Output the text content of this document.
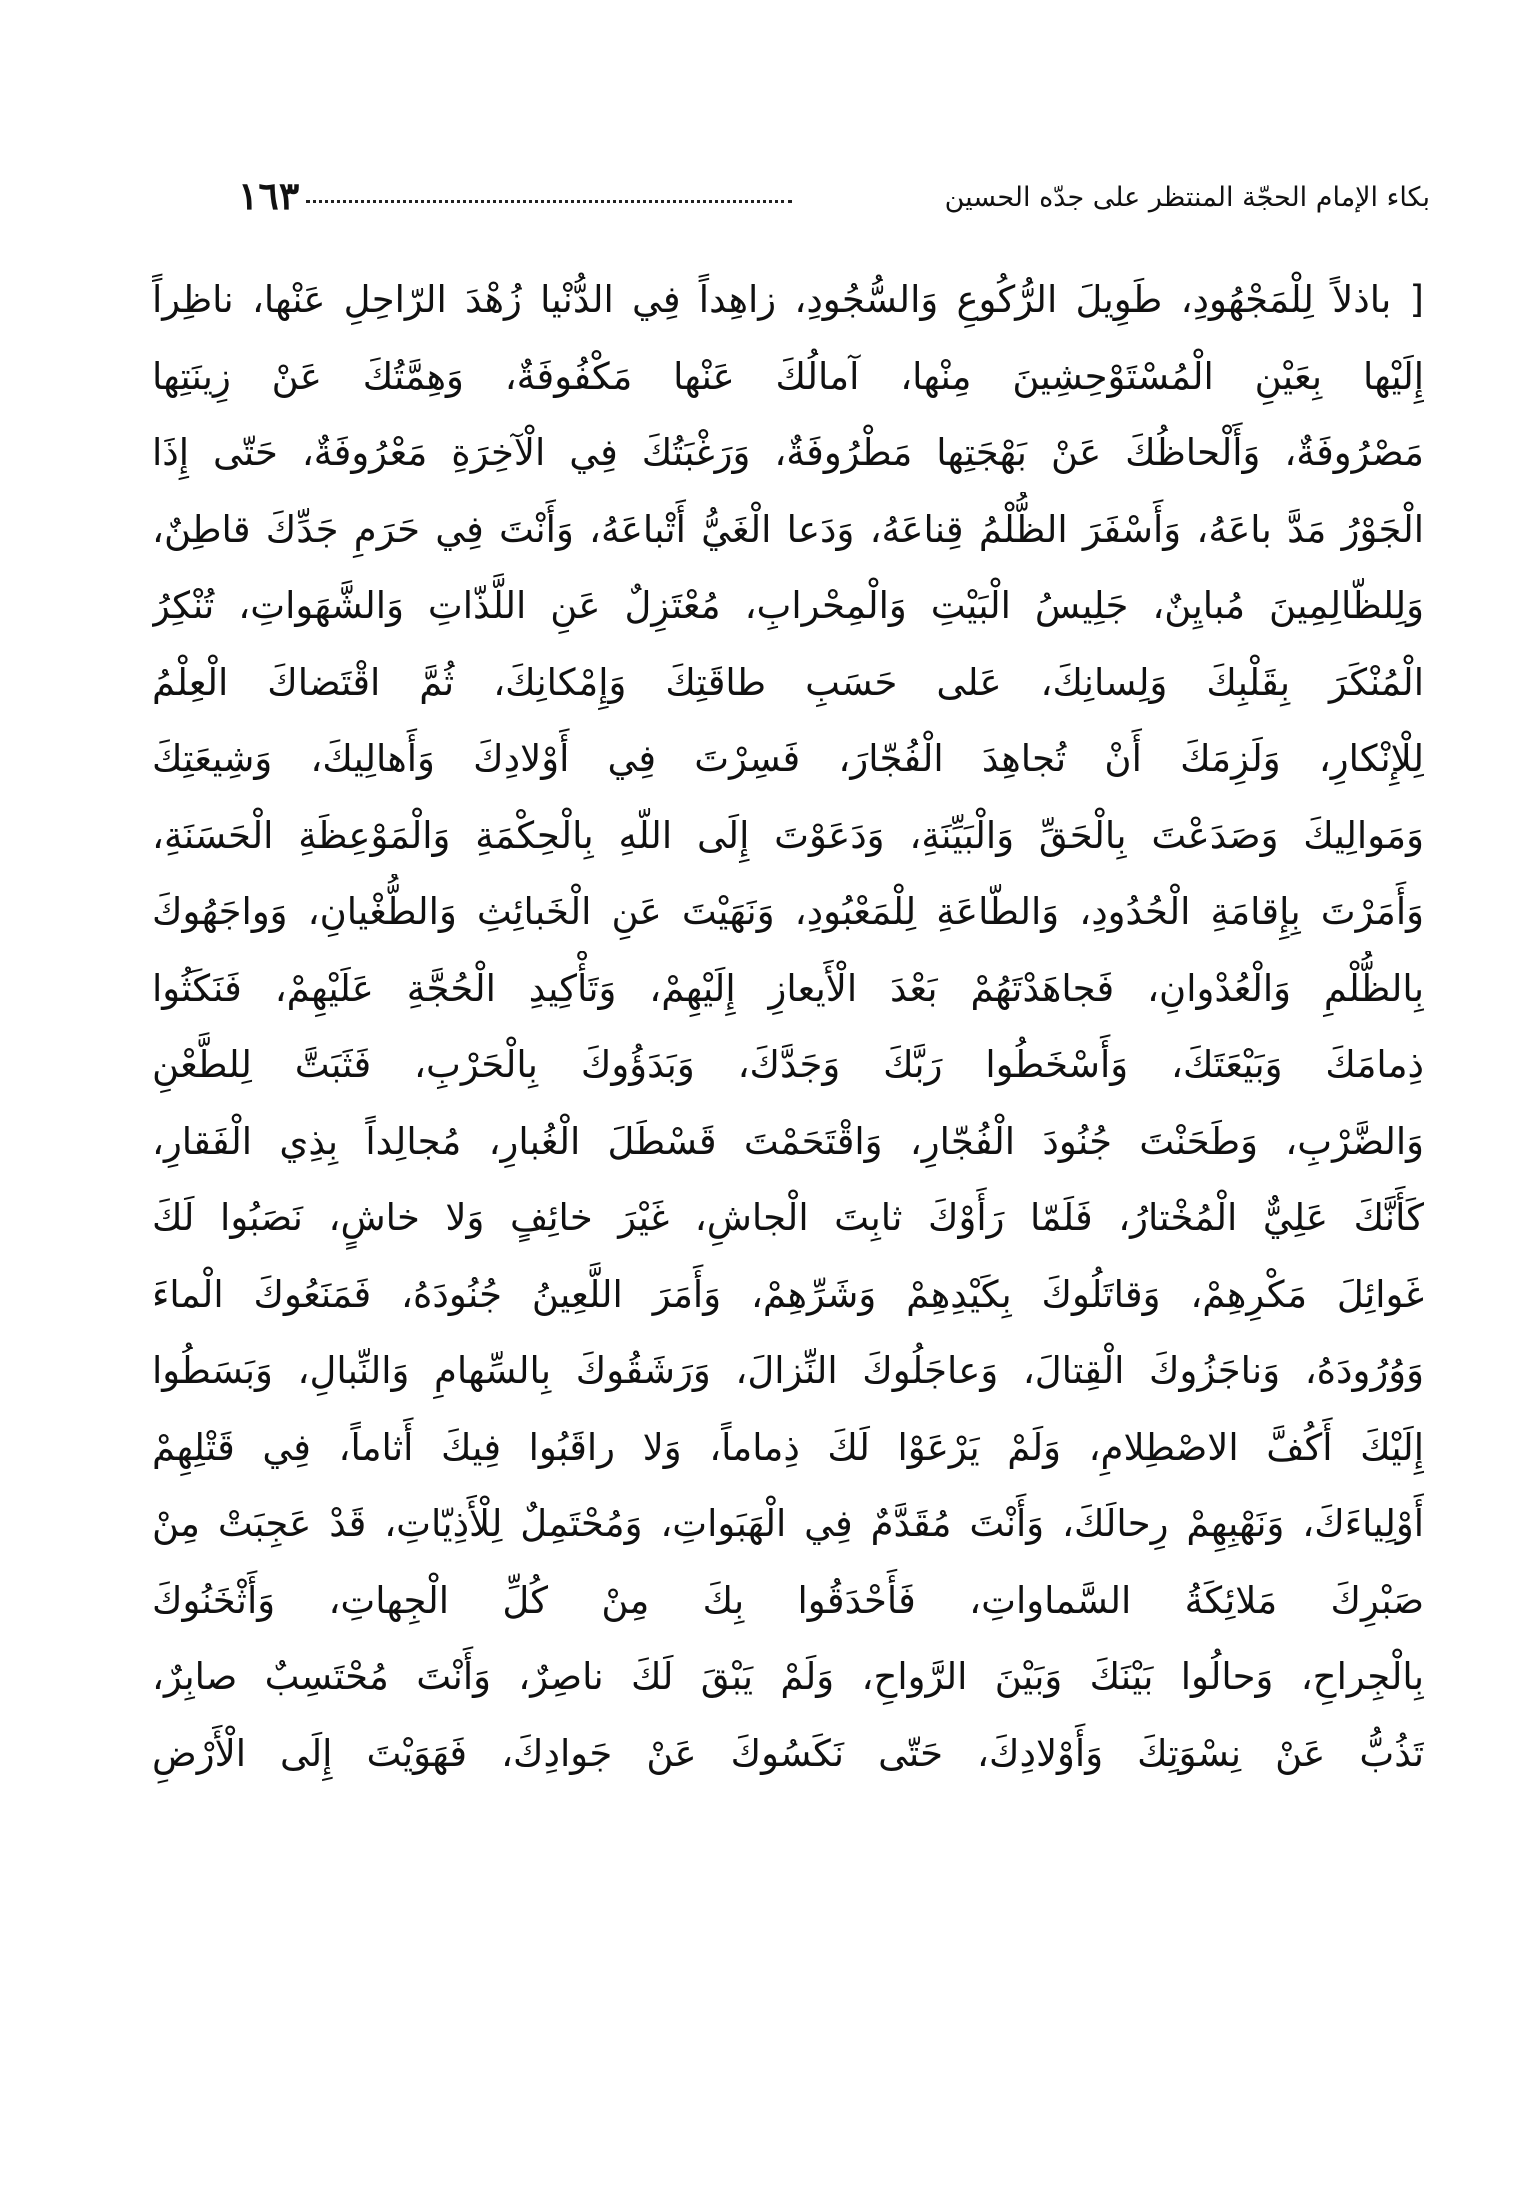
١٦٣	بكاء الإمام الحجّة المنتظر على جدّه الحسين
[ باذلاً لِلْمَجْهُودِ، طَوِيلَ الرُّكُوعِ وَالسُّجُودِ، زاهِداً فِي الدُّنْيا زُهْدَ الرّاحِلِ عَنْها، ناظِراً
إِلَيْها بِعَيْنِ الْمُسْتَوْحِشِينَ مِنْها، آمالُكَ عَنْها مَكْفُوفَةٌ، وَهِمَّتُكَ عَنْ زِينَتِها
مَصْرُوفَةٌ، وَأَلْحاظُكَ عَنْ بَهْجَتِها مَطْرُوفَةٌ، وَرَغْبَتُكَ فِي الْآخِرَةِ مَعْرُوفَةٌ، حَتّى إِذَا
الْجَوْرُ مَدَّ باعَهُ، وَأَسْفَرَ الظُّلْمُ قِناعَهُ، وَدَعا الْغَيُّ أَتْباعَهُ، وَأَنْتَ فِي حَرَمِ جَدِّكَ قاطِنٌ،
وَلِلظّالِمِينَ مُبايِنٌ، جَلِيسُ الْبَيْتِ وَالْمِحْرابِ، مُعْتَزِلٌ عَنِ اللَّذّاتِ وَالشَّهَواتِ، تُنْكِرُ
الْمُنْكَرَ بِقَلْبِكَ وَلِسانِكَ، عَلى حَسَبِ طاقَتِكَ وَإِمْكانِكَ، ثُمَّ اقْتَضاكَ الْعِلْمُ
لِلْإِنْكارِ، وَلَزِمَكَ أَنْ تُجاهِدَ الْفُجّارَ، فَسِرْتَ فِي أَوْلادِكَ وَأَهالِيكَ، وَشِيعَتِكَ
وَمَوالِيكَ وَصَدَعْتَ بِالْحَقِّ وَالْبَيِّنَةِ، وَدَعَوْتَ إِلَى اللّهِ بِالْحِكْمَةِ وَالْمَوْعِظَةِ الْحَسَنَةِ،
وَأَمَرْتَ بِإِقامَةِ الْحُدُودِ، وَالطّاعَةِ لِلْمَعْبُودِ، وَنَهَيْتَ عَنِ الْخَبائِثِ وَالطُّغْيانِ، وَواجَهُوكَ
بِالظُّلْمِ وَالْعُدْوانِ، فَجاهَدْتَهُمْ بَعْدَ الْأَيعازِ إِلَيْهِمْ، وَتَأْكِيدِ الْحُجَّةِ عَلَيْهِمْ، فَنَكَثُوا
ذِمامَكَ وَبَيْعَتَكَ، وَأَسْخَطُوا رَبَّكَ وَجَدَّكَ، وَبَدَؤُوكَ بِالْحَرْبِ، فَثَبَتَّ لِلطَّعْنِ
وَالضَّرْبِ، وَطَحَنْتَ جُنُودَ الْفُجّارِ، وَاقْتَحَمْتَ قَسْطَلَ الْغُبارِ، مُجالِداً بِذِي الْفَقارِ،
كَأَنَّكَ عَلِيٌّ الْمُخْتارُ، فَلَمّا رَأَوْكَ ثابِتَ الْجاشِ، غَيْرَ خائِفٍ وَلا خاشٍ، نَصَبُوا لَكَ
غَوائِلَ مَكْرِهِمْ، وَقاتَلُوكَ بِكَيْدِهِمْ وَشَرِّهِمْ، وَأَمَرَ اللَّعِينُ جُنُودَهُ، فَمَنَعُوكَ الْماءَ
وَوُرُودَهُ، وَناجَزُوكَ الْقِتالَ، وَعاجَلُوكَ النِّزالَ، وَرَشَقُوكَ بِالسِّهامِ وَالنِّبالِ، وَبَسَطُوا
إِلَيْكَ أَكُفَّ الاصْطِلامِ، وَلَمْ يَرْعَوْا لَكَ ذِماماً، وَلا راقَبُوا فِيكَ أَثاماً، فِي قَتْلِهِمْ
أَوْلِياءَكَ، وَنَهْبِهِمْ رِحالَكَ، وَأَنْتَ مُقَدَّمٌ فِي الْهَبَواتِ، وَمُحْتَمِلٌ لِلْأَذِيّاتِ، قَدْ عَجِبَتْ مِنْ
صَبْرِكَ مَلائِكَةُ السَّماواتِ، فَأَحْدَقُوا بِكَ مِنْ كُلِّ الْجِهاتِ، وَأَثْخَنُوكَ
بِالْجِراحِ، وَحالُوا بَيْنَكَ وَبَيْنَ الرَّواحِ، وَلَمْ يَبْقَ لَكَ ناصِرٌ، وَأَنْتَ مُحْتَسِبٌ صابِرٌ،
تَذُبُّ عَنْ نِسْوَتِكَ وَأَوْلادِكَ، حَتّى نَكَسُوكَ عَنْ جَوادِكَ، فَهَوَيْتَ إِلَى الْأَرْضِ
